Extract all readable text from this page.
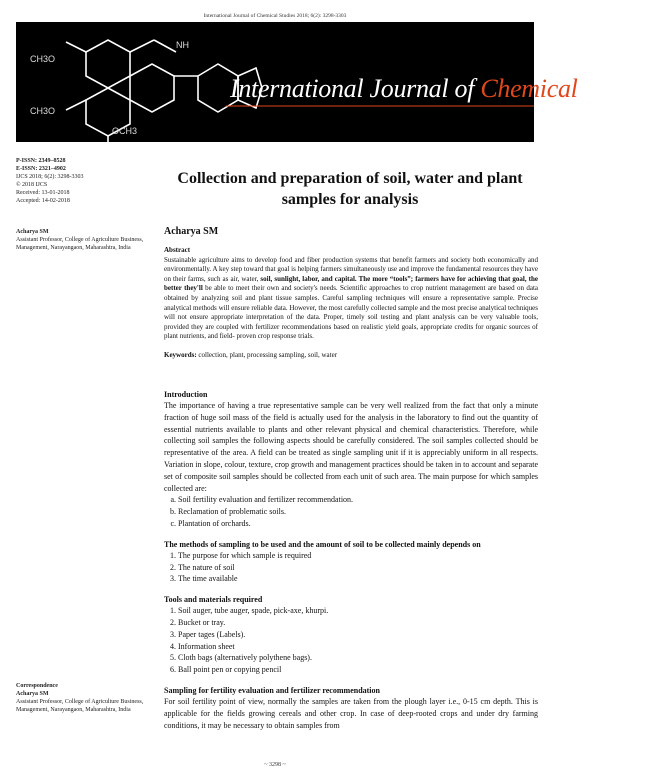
International Journal of Chemical Studies 2018; 6(2): 3298-3303
CH3O
CH3O
NH
OCH3
International Journal of Chemical Studies
P-ISSN: 2349–8528
E-ISSN: 2321–4902
IJCS 2018; 6(2): 3298-3303
© 2018 IJCS
Received: 13-01-2018
Accepted: 14-02-2018
Acharya SM
Assistant Professor, College of Agriculture Business, Management, Narayangaon, Maharashtra, India
Correspondence
Acharya SM
Assistant Professor, College of Agriculture Business, Management, Narayangaon, Maharashtra, India
Collection and preparation of soil, water and plant samples for analysis
Acharya SM
Abstract
Sustainable agriculture aims to develop food and fiber production systems that benefit farmers and society both economically and environmentally. A key step toward that goal is helping farmers simultaneously use and improve the fundamental resources they have on their farms, such as air, water, soil, sunlight, labor, and capital. The more “tools”; farmers have for achieving that goal, the better they'll be able to meet their own and society's needs. Scientific approaches to crop nutrient management are based on data obtained by analyzing soil and plant tissue samples. Careful sampling techniques will ensure a representative sample. Precise analytical methods will ensure reliable data. However, the most carefully collected sample and the most precise analytical techniques will not ensure appropriate interpretation of the data. Proper, timely soil testing and plant analysis can be very valuable tools, provided they are coupled with fertilizer recommendations based on realistic yield goals, appropriate credits for organic sources of plant nutrients, and field- proven crop response trials.
Keywords: collection, plant, processing sampling, soil, water
Introduction
The importance of having a true representative sample can be very well realized from the fact that only a minute fraction of huge soil mass of the field is actually used for the analysis in the laboratory to find out the quantity of essential nutrients available to plants and other relevant physical and chemical characteristics. Therefore, while collecting soil samples the following aspects should be carefully considered. The soil samples collected should be representative of the area. A field can be treated as single sampling unit if it is appreciably uniform in all respects. Variation in slope, colour, texture, crop growth and management practices should be taken in to account and separate set of composite soil samples should be collected from each unit of such area. The main purpose for which samples collected are:
a. Soil fertility evaluation and fertilizer recommendation.
b. Reclamation of problematic soils.
c. Plantation of orchards.
The methods of sampling to be used and the amount of soil to be collected mainly depends on
1. The purpose for which sample is required
2. The nature of soil
3. The time available
Tools and materials required
1. Soil auger, tube auger, spade, pick-axe, khurpi.
2. Bucket or tray.
3. Paper tages (Labels).
4. Information sheet
5. Cloth bags (alternatively polythene bags).
6. Ball point pen or copying pencil
Sampling for fertility evaluation and fertilizer recommendation
For soil fertility point of view, normally the samples are taken from the plough layer i.e., 0-15 cm depth. This is applicable for the fields growing cereals and other crop. In case of deep-rooted crops and under dry farming conditions, it may be necessary to obtain samples from
~ 3298 ~
